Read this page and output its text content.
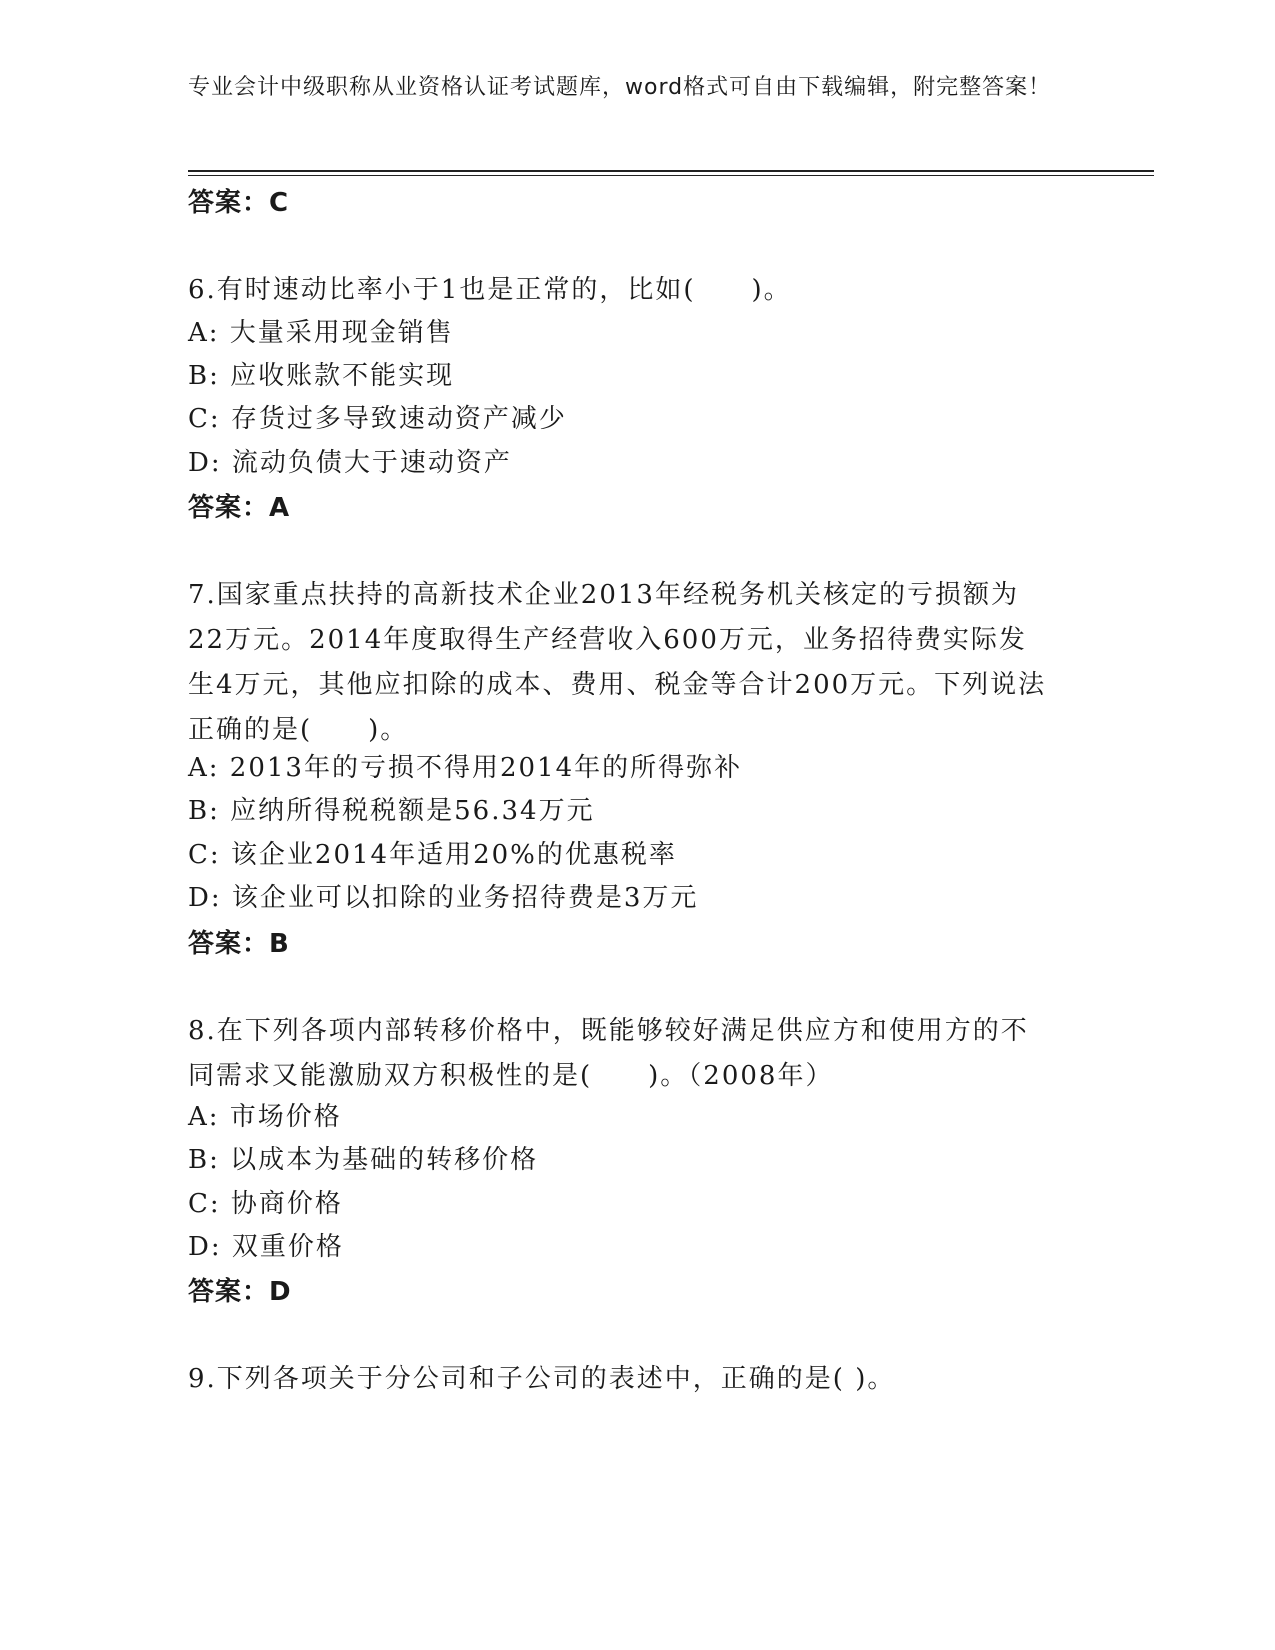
专业会计中级职称从业资格认证考试题库，word格式可自由下载编辑，附完整答案！
答案：C

6.有时速动比率小于1也是正常的，比如(　　)。

A: 大量采用现金销售
B: 应收账款不能实现
C: 存货过多导致速动资产减少
D: 流动负债大于速动资产
答案：A

7.国家重点扶持的高新技术企业2013年经税务机关核定的亏损额为22万元。2014年度取得生产经营收入600万元，业务招待费实际发生4万元，其他应扣除的成本、费用、税金等合计200万元。下列说法正确的是(　　)。

A: 2013年的亏损不得用2014年的所得弥补
B: 应纳所得税税额是56.34万元
C: 该企业2014年适用20%的优惠税率
D: 该企业可以扣除的业务招待费是3万元
答案：B

8.在下列各项内部转移价格中，既能够较好满足供应方和使用方的不同需求又能激励双方积极性的是(　　)。（2008年）

A: 市场价格
B: 以成本为基础的转移价格
C: 协商价格
D: 双重价格
答案：D

9.下列各项关于分公司和子公司的表述中，正确的是( )。
